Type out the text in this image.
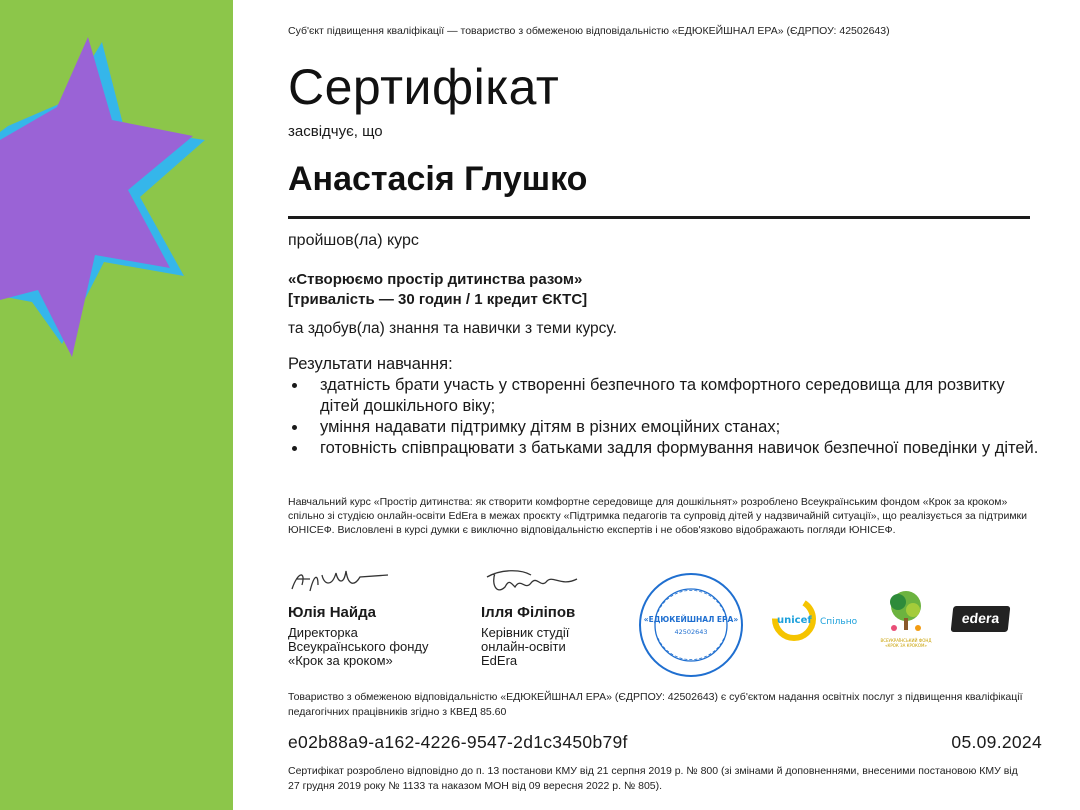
Суб'єкт підвищення кваліфікації — товариство з обмеженою відповідальністю «ЕДЮКЕЙШНАЛ ЕРА» (ЄДРПОУ: 42502643)
Сертифікат
засвідчує, що
Анастасія Глушко
пройшов(ла) курс
«Створюємо простір дитинства разом»
[тривалість — 30 годин / 1 кредит ЄКТС]
та здобув(ла) знання та навички з теми курсу.
Результати навчання:
• здатність брати участь у створенні безпечного та комфортного середовища для розвитку дітей дошкільного віку;
• уміння надавати підтримку дітям в різних емоційних станах;
• готовність співпрацювати з батьками задля формування навичок безпечної поведінки у дітей.
Навчальний курс «Простір дитинства: як створити комфортне середовище для дошкільнят» розроблено Всеукраїнським фондом «Крок за кроком» спільно зі студією онлайн-освіти EdEra в межах проєкту «Підтримка педагогів та супровід дітей у надзвичайній ситуації», що реалізується за підтримки ЮНІСЕФ. Висловлені в курсі думки є виключно відповідальністю експертів і не обов'язково відображають погляди ЮНІСЕФ.
Юлія Найда
Директорка
Всеукраїнського фонду
«Крок за кроком»
Ілля Філіпов
Керівник студії
онлайн-освіти
EdEra
«ЕДЮКЕЙШНАЛ ЕРА»
42502643
unicef Спільно
ВСЕУКРАЇНСЬКИЙ ФОНД
«КРОК ЗА КРОКОМ»
edera
Товариство з обмеженою відповідальністю «ЕДЮКЕЙШНАЛ ЕРА» (ЄДРПОУ: 42502643) є суб'єктом надання освітніх послуг з підвищення кваліфікації педагогічних працівників згідно з КВЕД 85.60
e02b88a9-a162-4226-9547-2d1c3450b79f	05.09.2024
Сертифікат розроблено відповідно до п. 13 постанови КМУ від 21 серпня 2019 р. № 800 (зі змінами й доповненнями, внесеними постановою КМУ від 27 грудня 2019 року № 1133 та наказом МОН від 09 вересня 2022 р. № 805).
